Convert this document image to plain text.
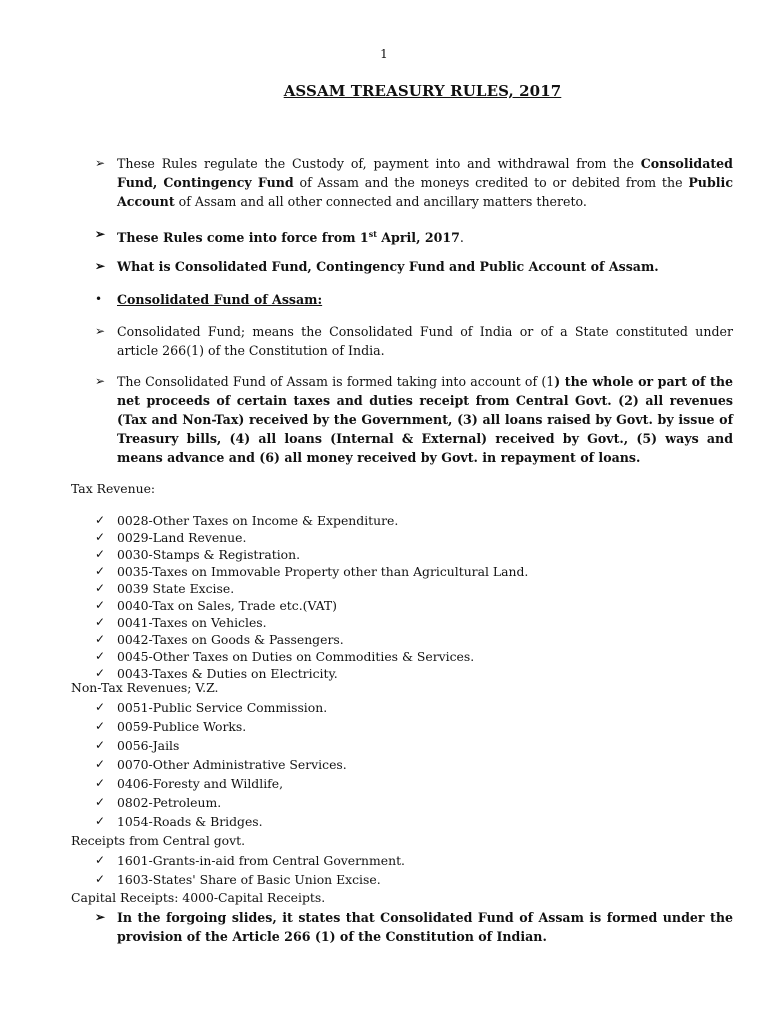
1
ASSAM TREASURY RULES, 2017
➢ These Rules regulate the Custody of, payment into and withdrawal from the Consolidated Fund, Contingency Fund of Assam and the moneys credited to or debited from the Public Account of Assam and all other connected and ancillary matters thereto.
➢ These Rules come into force from 1st April, 2017.
➢ What is Consolidated Fund, Contingency Fund and Public Account of Assam.
•	Consolidated Fund of Assam:
➢ Consolidated Fund; means the Consolidated Fund of India or of a State constituted under article 266(1) of the Constitution of India.
➢ The Consolidated Fund of Assam is formed taking into account of (1) the whole or part of the net proceeds of certain taxes and duties receipt from Central Govt. (2) all revenues (Tax and Non-Tax) received by the Government, (3) all loans raised by Govt. by issue of Treasury bills, (4) all loans (Internal & External) received by Govt., (5) ways and means advance and (6) all money received by Govt. in repayment of loans.
Tax Revenue:
✓ 0028-Other Taxes on Income & Expenditure.
✓ 0029-Land Revenue.
✓ 0030-Stamps & Registration.
✓ 0035-Taxes on Immovable Property other than Agricultural Land.
✓ 0039 State Excise.
✓ 0040-Tax on Sales, Trade etc.(VAT)
✓ 0041-Taxes on Vehicles.
✓ 0042-Taxes on Goods & Passengers.
✓ 0045-Other Taxes on Duties on Commodities & Services.
✓ 0043-Taxes & Duties on Electricity.
Non-Tax Revenues; V.Z.
✓ 0051-Public Service Commission.
✓ 0059-Publice Works.
✓ 0056-Jails
✓ 0070-Other Administrative Services.
✓ 0406-Foresty and Wildlife,
✓ 0802-Petroleum.
✓ 1054-Roads & Bridges.
Receipts from Central govt.
✓ 1601-Grants-in-aid from Central Government.
✓ 1603-States' Share of Basic Union Excise.
Capital Receipts: 4000-Capital Receipts.
➢ In the forgoing slides, it states that Consolidated Fund of Assam is formed under the provision of the Article 266 (1) of the Constitution of Indian.
